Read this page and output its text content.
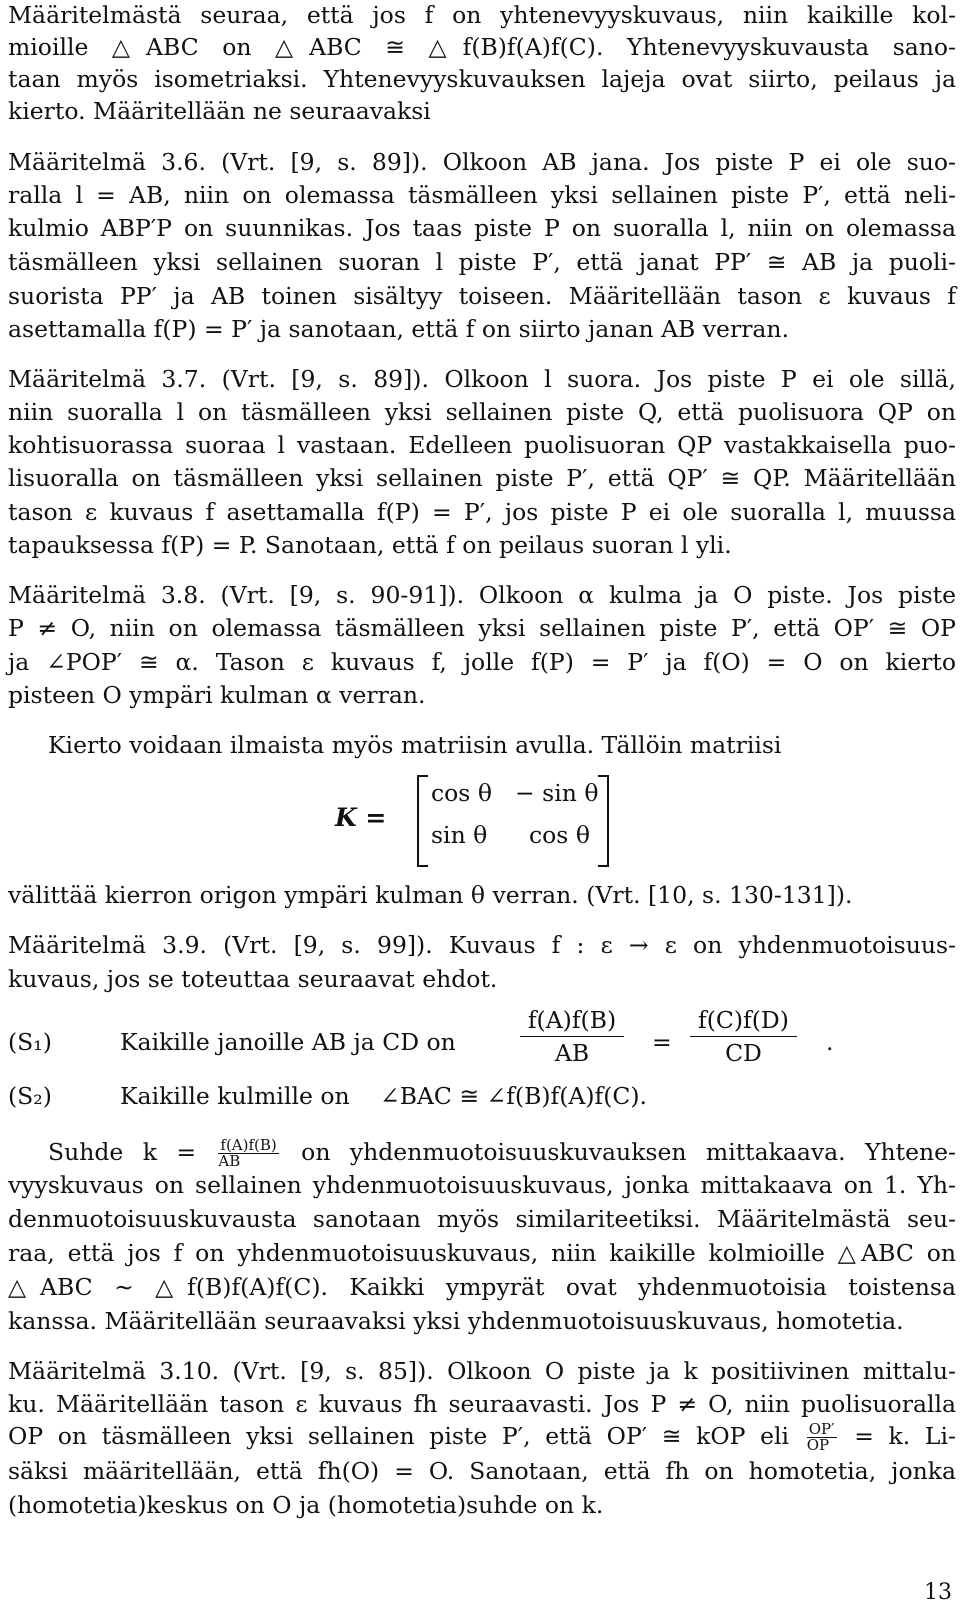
Määritelmästä seuraa, että jos f on yhtenevyyskuvaus, niin kaikille kol-
mioille △ABC on △ABC ≅ △f(B)f(A)f(C). Yhtenevyyskuvausta sano-
taan myös isometriaksi. Yhtenevyyskuvauksen lajeja ovat siirto, peilaus ja
kierto. Määritellään ne seuraavaksi
Määritelmä 3.6. (Vrt. [9, s. 89]). Olkoon AB jana. Jos piste P ei ole suo-
ralla l = AB, niin on olemassa täsmälleen yksi sellainen piste P′, että neli-
kulmio ABP′P on suunnikas. Jos taas piste P on suoralla l, niin on olemassa
täsmälleen yksi sellainen suoran l piste P′, että janat PP′ ≅ AB ja puoli-
suorista PP′ ja AB toinen sisältyy toiseen. Määritellään tason ε kuvaus f
asettamalla f(P) = P′ ja sanotaan, että f on siirto janan AB verran.
Määritelmä 3.7. (Vrt. [9, s. 89]). Olkoon l suora. Jos piste P ei ole sillä,
niin suoralla l on täsmälleen yksi sellainen piste Q, että puolisuora QP on
kohtisuorassa suoraa l vastaan. Edelleen puolisuoran QP vastakkaisella puo-
lisuoralla on täsmälleen yksi sellainen piste P′, että QP′ ≅ QP. Määritellään
tason ε kuvaus f asettamalla f(P) = P′, jos piste P ei ole suoralla l, muussa
tapauksessa f(P) = P. Sanotaan, että f on peilaus suoran l yli.
Määritelmä 3.8. (Vrt. [9, s. 90-91]). Olkoon α kulma ja O piste. Jos piste
P ≠ O, niin on olemassa täsmälleen yksi sellainen piste P′, että OP′ ≅ OP
ja ∠POP′ ≅ α. Tason ε kuvaus f, jolle f(P) = P′ ja f(O) = O on kierto
pisteen O ympäri kulman α verran.
Kierto voidaan ilmaista myös matriisin avulla. Tällöin matriisi
K =
cos θ − sin θ
sin θ cos θ
välittää kierron origon ympäri kulman θ verran. (Vrt. [10, s. 130-131]).
Määritelmä 3.9. (Vrt. [9, s. 99]). Kuvaus f : ε → ε on yhdenmuotoisuus-
kuvaus, jos se toteuttaa seuraavat ehdot.
(S₁)	Kaikille janoille AB ja CD on	$\frac{f(A)f(B)}{AB} = \frac{f(C)f(D)}{CD}$ .
(S₂)	Kaikille kulmille on ∠BAC ≅ ∠f(B)f(A)f(C).
Suhde $k = \frac{f(A)f(B)}{AB}$ on yhdenmuotoisuuskuvauksen mittakaava. Yhtene-
vyyskuvaus on sellainen yhdenmuotoisuuskuvaus, jonka mittakaava on 1. Yh-
denmuotoisuuskuvausta sanotaan myös similariteetiksi. Määritelmästä seu-
raa, että jos f on yhdenmuotoisuuskuvaus, niin kaikille kolmioille △ABC on
△ABC ∼ △f(B)f(A)f(C). Kaikki ympyrät ovat yhdenmuotoisia toistensa
kanssa. Määritellään seuraavaksi yksi yhdenmuotoisuuskuvaus, homotetia.
Määritelmä 3.10. (Vrt. [9, s. 85]). Olkoon O piste ja k positiivinen mittalu-
ku. Määritellään tason ε kuvaus fh seuraavasti. Jos P ≠ O, niin puolisuoralla
OP on täsmälleen yksi sellainen piste P′, että OP′ ≅ kOP eli $\frac{OP'}{OP} = k$. Li-
säksi määritellään, että fh(O) = O. Sanotaan, että fh on homotetia, jonka
(homotetia)keskus on O ja (homotetia)suhde on k.
13
